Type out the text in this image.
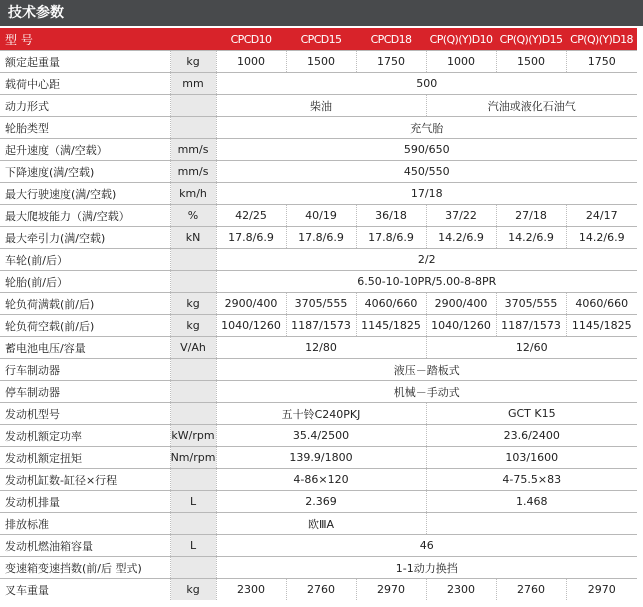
技术参数
型 号		CPCD10	CPCD15	CPCD18	CP(Q)(Y)D10	CP(Q)(Y)D15	CP(Q)(Y)D18
额定起重量	kg	1000	1500	1750	1000	1500	1750
载荷中心距	mm	500					
动力形式		柴油			汽油或液化石油气		
轮胎类型		充气胎					
起升速度（满/空载）	mm/s	590/650					
下降速度(满/空载)	mm/s	450/550					
最大行驶速度(满/空载)	km/h	17/18					
最大爬坡能力（满/空载）	%	42/25	40/19	36/18	37/22	27/18	24/17
最大牵引力(满/空载)	kN	17.8/6.9	17.8/6.9	17.8/6.9	14.2/6.9	14.2/6.9	14.2/6.9
车轮(前/后）		2/2					
轮胎(前/后）		6.50-10-10PR/5.00-8-8PR					
轮负荷满载(前/后)	kg	2900/400	3705/555	4060/660	2900/400	3705/555	4060/660
轮负荷空载(前/后)	kg	1040/1260	1187/1573	1145/1825	1040/1260	1187/1573	1145/1825
蓄电池电压/容量	V/Ah	12/80			12/60		
行车制动器		液压－踏板式					
停车制动器		机械－手动式					
发动机型号		五十铃C240PKJ			GCT K15		
发动机额定功率	kW/rpm	35.4/2500			23.6/2400		
发动机额定扭矩	Nm/rpm	139.9/1800			103/1600		
发动机缸数-缸径×行程		4-86×120			4-75.5×83		
发动机排量	L	2.369			1.468		
排放标准		欧ⅢA					
发动机燃油箱容量	L	46					
变速箱变速挡数(前/后 型式)		1-1动力换挡					
叉车重量	kg	2300	2760	2970	2300	2760	2970
